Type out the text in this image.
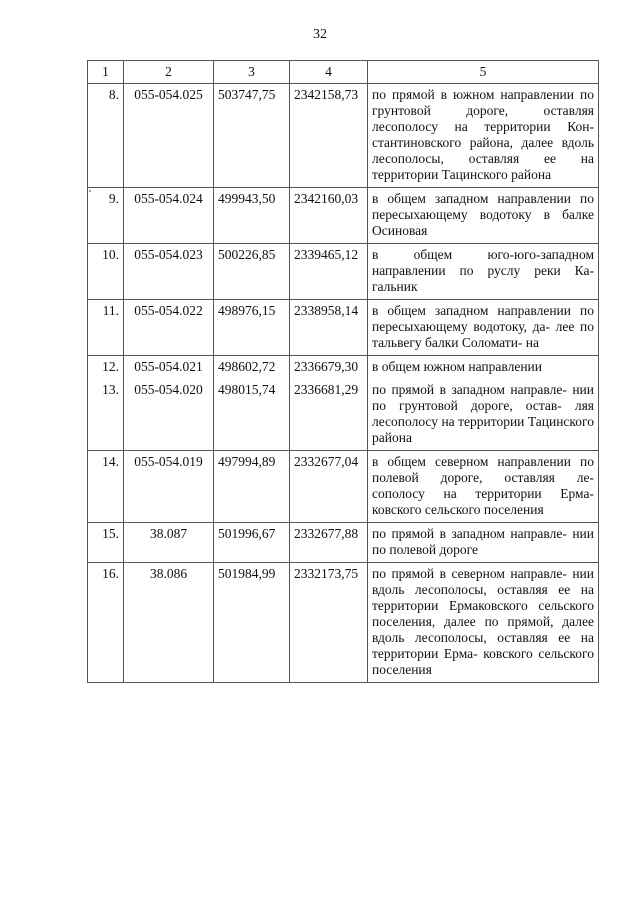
32
1	2	3	4	5
8.	055-054.025	503747,75	2342158,73	по прямой в южном направлении по грунтовой дороге, оставляя лесополосу на территории Кон- стантиновского района, далее вдоль лесополосы, оставляя ее на территории Тацинского района
9.	055-054.024	499943,50	2342160,03	в общем западном направлении по пересыхающему водотоку в балке Осиновая
10.	055-054.023	500226,85	2339465,12	в общем юго-юго-западном направлении по руслу реки Ка- гальник
11.	055-054.022	498976,15	2338958,14	в общем западном направлении по пересыхающему водотоку, да- лее по тальвегу балки Соломати- на
12.	055-054.021	498602,72	2336679,30	в общем южном направлении
13.	055-054.020	498015,74	2336681,29	по прямой в западном направле- нии по грунтовой дороге, остав- ляя лесополосу на территории Тацинского района
14.	055-054.019	497994,89	2332677,04	в общем северном направлении по полевой дороге, оставляя ле- сополосу на территории Ерма- ковского сельского поселения
15.	38.087	501996,67	2332677,88	по прямой в западном направле- нии по полевой дороге
16.	38.086	501984,99	2332173,75	по прямой в северном направле- нии вдоль лесополосы, оставляя ее на территории Ермаковского сельского поселения, далее по прямой, далее вдоль лесополосы, оставляя ее на территории Ерма- ковского сельского поселения
